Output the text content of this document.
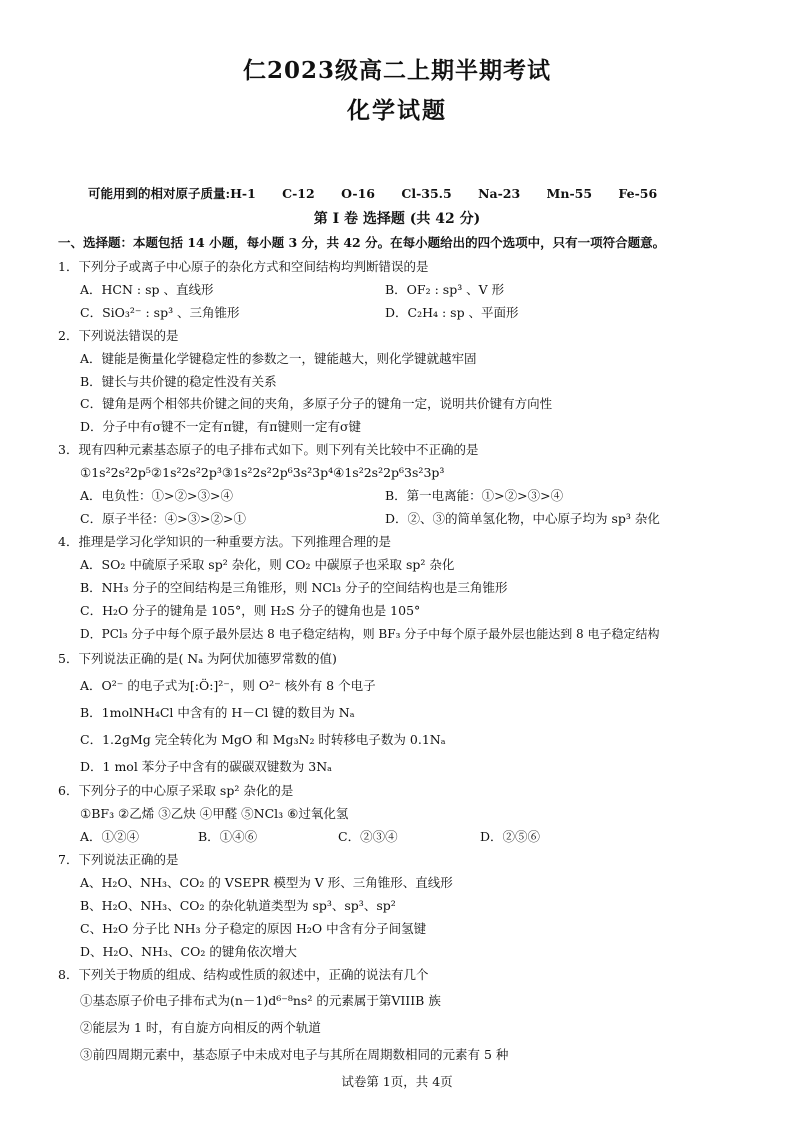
仁2023级高二上期半期考试
化学试题
可能用到的相对原子质量:H-1 C-12 O-16 Cl-35.5 Na-23 Mn-55 Fe-56
第 I 卷 选择题 (共 42 分)
一、选择题：本题包括 14 小题，每小题 3 分，共 42 分。在每小题给出的四个选项中，只有一项符合题意。
1．下列分子或离子中心原子的杂化方式和空间结构均判断错误的是
A．HCN : sp 、直线形	B．OF₂ : sp³ 、V 形
C．SiO₃²⁻ : sp³ 、三角锥形	D．C₂H₄ : sp 、平面形
2．下列说法错误的是
A．键能是衡量化学键稳定性的参数之一，键能越大，则化学键就越牢固
B．键长与共价键的稳定性没有关系
C．键角是两个相邻共价键之间的夹角，多原子分子的键角一定，说明共价键有方向性
D．分子中有σ键不一定有π键，有π键则一定有σ键
3．现有四种元素基态原子的电子排布式如下。则下列有关比较中不正确的是
①1s²2s²2p⁵②1s²2s²2p³③1s²2s²2p⁶3s²3p⁴④1s²2s²2p⁶3s²3p³
A．电负性：①>②>③>④	B．第一电离能：①>②>③>④
C．原子半径：④>③>②>①	D．②、③的简单氢化物，中心原子均为 sp³ 杂化
4．推理是学习化学知识的一种重要方法。下列推理合理的是
A．SO₂ 中硫原子采取 sp² 杂化，则 CO₂ 中碳原子也采取 sp² 杂化
B．NH₃ 分子的空间结构是三角锥形，则 NCl₃ 分子的空间结构也是三角锥形
C．H₂O 分子的键角是 105°，则 H₂S 分子的键角也是 105°
D．PCl₃ 分子中每个原子最外层达 8 电子稳定结构，则 BF₃ 分子中每个原子最外层也能达到 8 电子稳定结构
5．下列说法正确的是( Nₐ 为阿伏加德罗常数的值)
A．O²⁻ 的电子式为[:Ö:]²⁻，则 O²⁻ 核外有 8 个电子
B．1molNH₄Cl 中含有的 H－Cl 键的数目为 Nₐ
C．1.2gMg 完全转化为 MgO 和 Mg₃N₂ 时转移电子数为 0.1Nₐ
D．1 mol 苯分子中含有的碳碳双键数为 3Nₐ
6．下列分子的中心原子采取 sp² 杂化的是
①BF₃ ②乙烯 ③乙炔 ④甲醛 ⑤NCl₃ ⑥过氧化氢
A．①②④	B．①④⑥	C．②③④	D．②⑤⑥
7．下列说法正确的是
A、H₂O、NH₃、CO₂ 的 VSEPR 模型为 V 形、三角锥形、直线形
B、H₂O、NH₃、CO₂ 的杂化轨道类型为 sp³、sp³、sp²
C、H₂O 分子比 NH₃ 分子稳定的原因 H₂O 中含有分子间氢键
D、H₂O、NH₃、CO₂ 的键角依次增大
8．下列关于物质的组成、结构或性质的叙述中，正确的说法有几个
①基态原子价电子排布式为(n－1)d⁶⁻⁸ns² 的元素属于第VIIIB 族
②能层为 1 时，有自旋方向相反的两个轨道
③前四周期元素中，基态原子中未成对电子与其所在周期数相同的元素有 5 种
试卷第 1页，共 4页
